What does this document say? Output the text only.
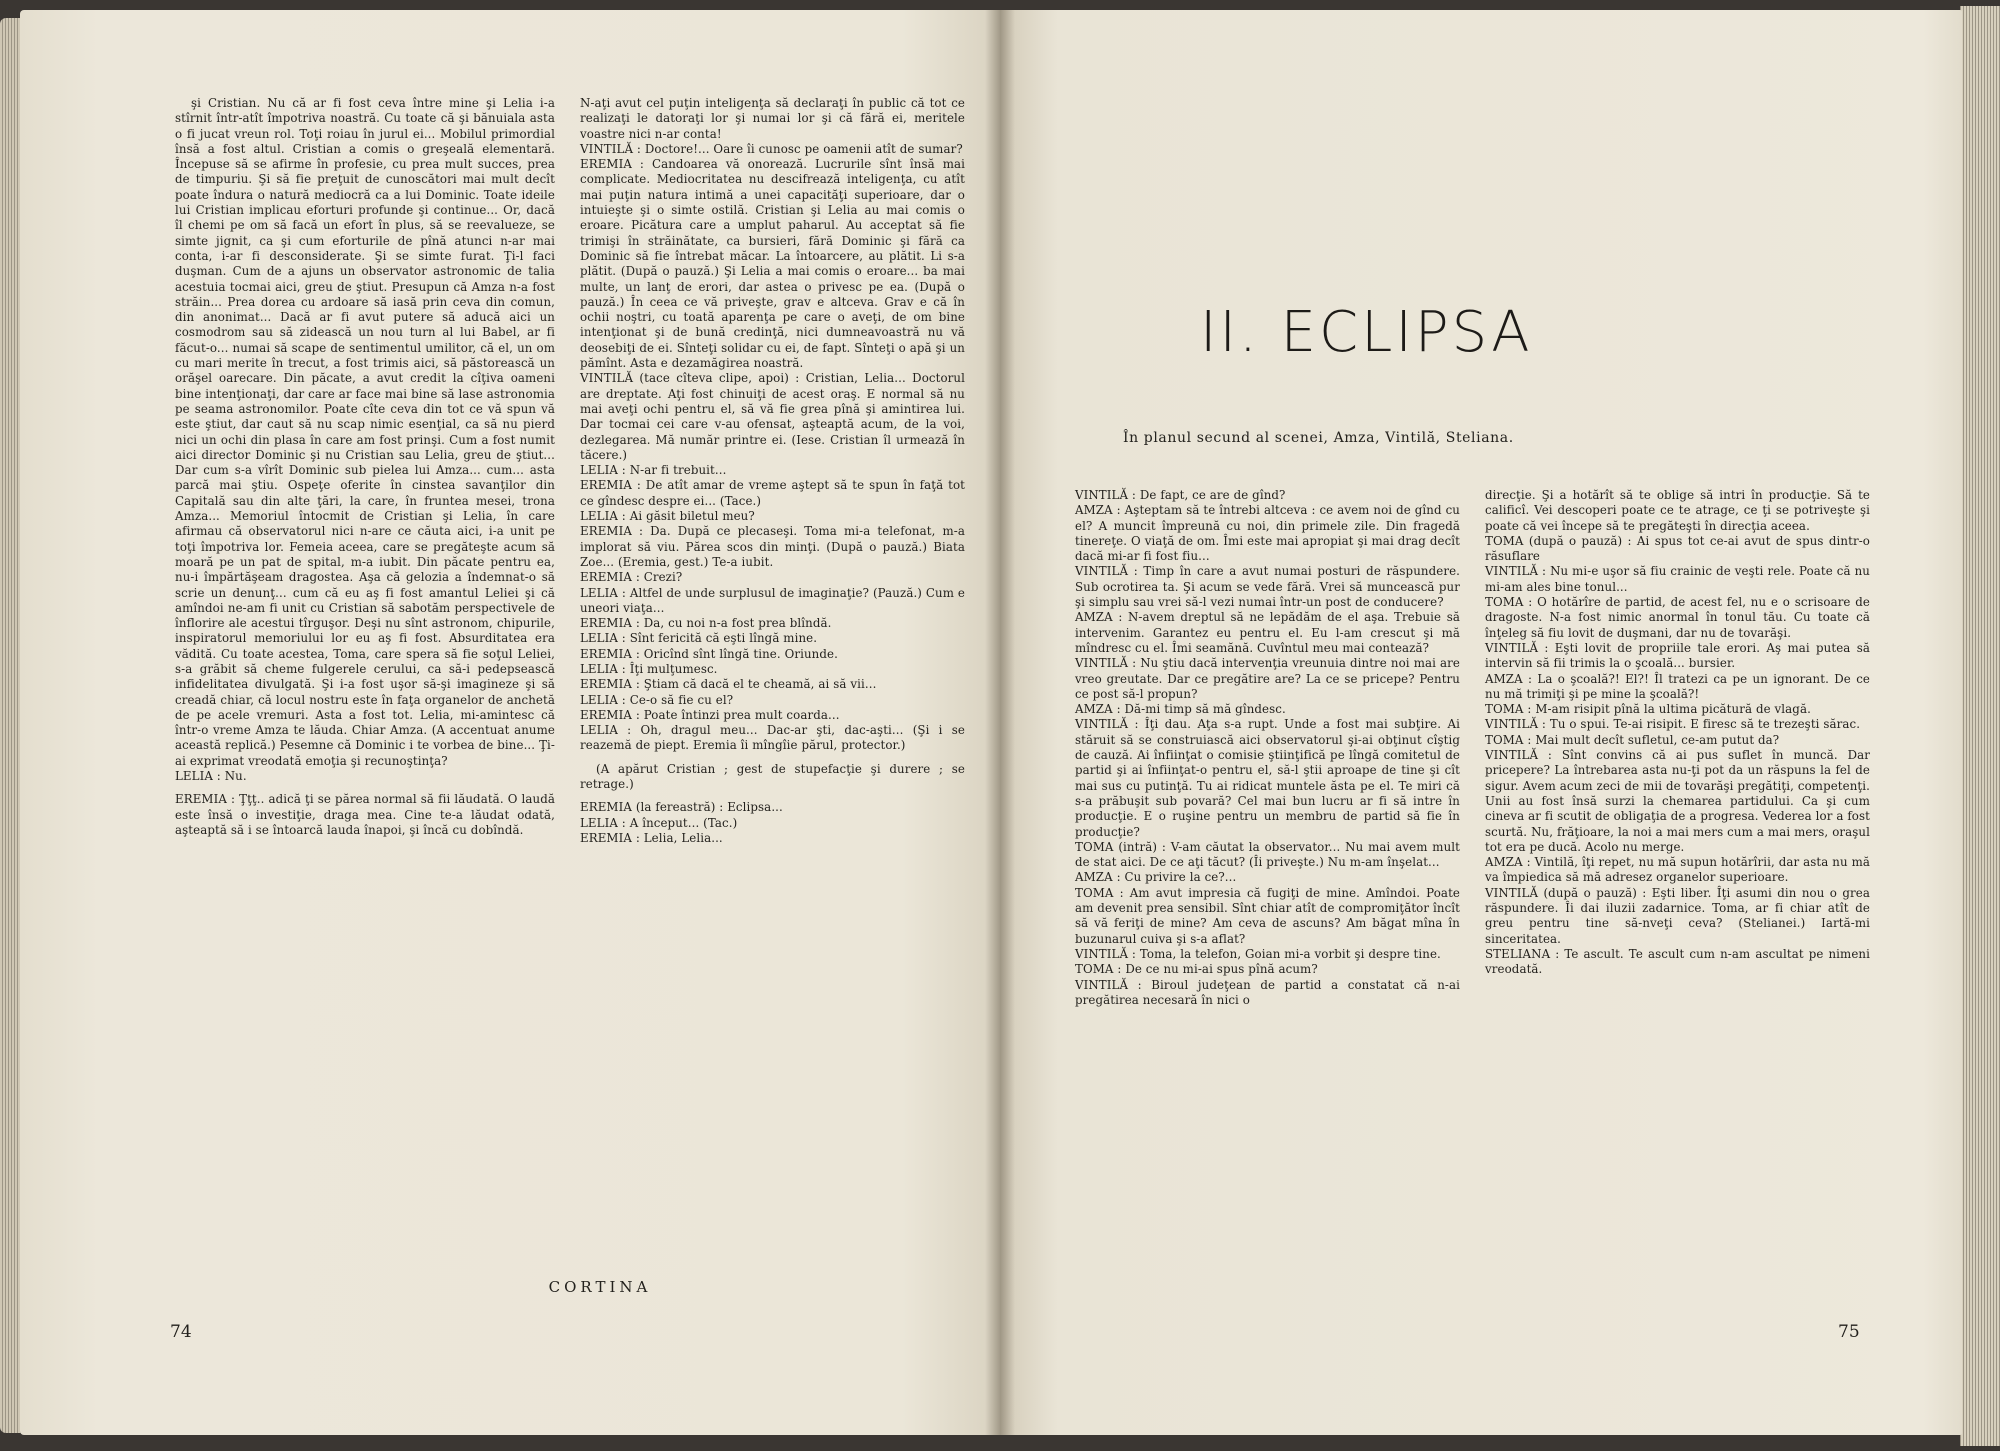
şi Cristian. Nu că ar fi fost ceva între mine şi Lelia i-a stîrnit într-atît împotriva noastră. Cu toate că şi bănuiala asta o fi jucat vreun rol. Toţi roiau în jurul ei... Mobilul primordial însă a fost altul. Cristian a comis o greşeală elementară. Începuse să se afirme în profesie, cu prea mult succes, prea de timpuriu. Şi să fie preţuit de cunoscători mai mult decît poate îndura o natură mediocră ca a lui Dominic. Toate ideile lui Cristian implicau eforturi profunde şi continue... Or, dacă îl chemi pe om să facă un efort în plus, să se reevalueze, se simte jignit, ca şi cum eforturile de pînă atunci n-ar mai conta, i-ar fi desconsiderate. Şi se simte furat. Ţi-l faci duşman. Cum de a ajuns un observator astronomic de talia acestuia tocmai aici, greu de ştiut. Presupun că Amza n-a fost străin... Prea dorea cu ardoare să iasă prin ceva din comun, din anonimat... Dacă ar fi avut putere să aducă aici un cosmodrom sau să zidească un nou turn al lui Babel, ar fi făcut-o... numai să scape de sentimentul umilitor, că el, un om cu mari merite în trecut, a fost trimis aici, să păstorească un orăşel oarecare. Din păcate, a avut credit la cîţiva oameni bine intenţionaţi, dar care ar face mai bine să lase astronomia pe seama astronomilor. Poate cîte ceva din tot ce vă spun vă este ştiut, dar caut să nu scap nimic esenţial, ca să nu pierd nici un ochi din plasa în care am fost prinşi. Cum a fost numit aici director Dominic şi nu Cristian sau Lelia, greu de ştiut... Dar cum s-a vîrît Dominic sub pielea lui Amza... cum... asta parcă mai ştiu. Ospeţe oferite în cinstea savanţilor din Capitală sau din alte ţări, la care, în fruntea mesei, trona Amza... Memoriul întocmit de Cristian şi Lelia, în care afirmau că observatorul nici n-are ce căuta aici, i-a unit pe toţi împotriva lor. Femeia aceea, care se pregăteşte acum să moară pe un pat de spital, m-a iubit. Din păcate pentru ea, nu-i împărtăşeam dragostea. Aşa că gelozia a îndemnat-o să scrie un denunţ... cum că eu aş fi fost amantul Leliei şi că amîndoi ne-am fi unit cu Cristian să sabotăm perspectivele de înflorire ale acestui tîrguşor. Deşi nu sînt astronom, chipurile, inspiratorul memoriului lor eu aş fi fost. Absurditatea era vădită. Cu toate acestea, Toma, care spera să fie soţul Leliei, s-a grăbit să cheme fulgerele cerului, ca să-i pedepsească infidelitatea divulgată. Şi i-a fost uşor să-şi imagineze şi să creadă chiar, că locul nostru este în faţa organelor de anchetă de pe acele vremuri. Asta a fost tot. Lelia, mi-amintesc că într-o vreme Amza te lăuda. Chiar Amza. (A accentuat anume această replică.) Pesemne că Dominic i te vorbea de bine... Ţi-ai exprimat vreodată emoţia şi recunoştinţa?

LELIA : Nu.

EREMIA : Ţţţ.. adică ţi se părea normal să fii lăudată. O laudă este însă o investiţie, draga mea. Cine te-a lăudat odată, aşteaptă să i se întoarcă lauda înapoi, şi încă cu dobîndă.

N-aţi avut cel puţin inteligenţa să declaraţi în public că tot ce realizaţi le datoraţi lor şi numai lor şi că fără ei, meritele voastre nici n-ar conta!

VINTILĂ : Doctore!... Oare îi cunosc pe oamenii atît de sumar?

EREMIA : Candoarea vă onorează. Lucrurile sînt însă mai complicate. Mediocritatea nu descifrează inteligenţa, cu atît mai puţin natura intimă a unei capacităţi superioare, dar o intuieşte şi o simte ostilă. Cristian şi Lelia au mai comis o eroare. Picătura care a umplut paharul. Au acceptat să fie trimişi în străinătate, ca bursieri, fără Dominic şi fără ca Dominic să fie întrebat măcar. La întoarcere, au plătit. Li s-a plătit. (După o pauză.) Şi Lelia a mai comis o eroare... ba mai multe, un lanţ de erori, dar astea o privesc pe ea. (După o pauză.) În ceea ce vă priveşte, grav e altceva. Grav e că în ochii noştri, cu toată aparenţa pe care o aveţi, de om bine intenţionat şi de bună credinţă, nici dumneavoastră nu vă deosebiţi de ei. Sînteţi solidar cu ei, de fapt. Sînteţi o apă şi un pămînt. Asta e dezamăgirea noastră.

VINTILĂ (tace cîteva clipe, apoi) : Cristian, Lelia... Doctorul are dreptate. Aţi fost chinuiţi de acest oraş. E normal să nu mai aveţi ochi pentru el, să vă fie grea pînă şi amintirea lui. Dar tocmai cei care v-au ofensat, aşteaptă acum, de la voi, dezlegarea. Mă număr printre ei. (Iese. Cristian îl urmează în tăcere.)

LELIA : N-ar fi trebuit...

EREMIA : De atît amar de vreme aştept să te spun în faţă tot ce gîndesc despre ei... (Tace.)

LELIA : Ai găsit biletul meu?

EREMIA : Da. După ce plecaseşi. Toma mi-a telefonat, m-a implorat să viu. Părea scos din minţi. (După o pauză.) Biata Zoe... (Eremia, gest.) Te-a iubit.

EREMIA : Crezi?

LELIA : Altfel de unde surplusul de imaginaţie? (Pauză.) Cum e uneori viaţa...

EREMIA : Da, cu noi n-a fost prea blîndă.

LELIA : Sînt fericită că eşti lîngă mine.

EREMIA : Oricînd sînt lîngă tine. Oriunde.

LELIA : Îţi mulţumesc.

EREMIA : Ştiam că dacă el te cheamă, ai să vii...

LELIA : Ce-o să fie cu el?

EREMIA : Poate întinzi prea mult coarda...

LELIA : Oh, dragul meu... Dac-ar şti, dac-aşti... (Şi i se reazemă de piept. Eremia îi mîngîie părul, protector.)

(A apărut Cristian ; gest de stupefacţie şi durere ; se retrage.)

EREMIA (la fereastră) : Eclipsa...

LELIA : A început... (Tac.)

EREMIA : Lelia, Lelia...

CORTINA
74
II. ECLIPSA
În planul secund al scenei, Amza, Vintilă, Steliana.

VINTILĂ : De fapt, ce are de gînd?

AMZA : Aşteptam să te întrebi altceva : ce avem noi de gînd cu el? A muncit împreună cu noi, din primele zile. Din fragedă tinereţe. O viaţă de om. Îmi este mai apropiat şi mai drag decît dacă mi-ar fi fost fiu...

VINTILĂ : Timp în care a avut numai posturi de răspundere. Sub ocrotirea ta. Şi acum se vede fără. Vrei să muncească pur şi simplu sau vrei să-l vezi numai într-un post de conducere?

AMZA : N-avem dreptul să ne lepădăm de el aşa. Trebuie să intervenim. Garantez eu pentru el. Eu l-am crescut şi mă mîndresc cu el. Îmi seamănă. Cuvîntul meu mai contează?

VINTILĂ : Nu ştiu dacă intervenţia vreunuia dintre noi mai are vreo greutate. Dar ce pregătire are? La ce se pricepe? Pentru ce post să-l propun?

AMZA : Dă-mi timp să mă gîndesc.

VINTILĂ : Îţi dau. Aţa s-a rupt. Unde a fost mai subţire. Ai stăruit să se construiască aici observatorul şi-ai obţinut cîştig de cauză. Ai înfiinţat o comisie ştiinţifică pe lîngă comitetul de partid şi ai înfiinţat-o pentru el, să-l ştii aproape de tine şi cît mai sus cu putinţă. Tu ai ridicat muntele ăsta pe el. Te miri că s-a prăbuşit sub povară? Cel mai bun lucru ar fi să intre în producţie. E o ruşine pentru un membru de partid să fie în producţie?

TOMA (intră) : V-am căutat la observator... Nu mai avem mult de stat aici. De ce aţi tăcut? (Îi priveşte.) Nu m-am înşelat...

AMZA : Cu privire la ce?...

TOMA : Am avut impresia că fugiţi de mine. Amîndoi. Poate am devenit prea sensibil. Sînt chiar atît de compromiţător încît să vă feriţi de mine? Am ceva de ascuns? Am băgat mîna în buzunarul cuiva şi s-a aflat?

VINTILĂ : Toma, la telefon, Goian mi-a vorbit şi despre tine.

TOMA : De ce nu mi-ai spus pînă acum?

VINTILĂ : Biroul judeţean de partid a constatat că n-ai pregătirea necesară în nici o

direcţie. Şi a hotărît să te oblige să intri în producţie. Să te calificî. Vei descoperi poate ce te atrage, ce ţi se potriveşte şi poate că vei începe să te pregăteşti în direcţia aceea.

TOMA (după o pauză) : Ai spus tot ce-ai avut de spus dintr-o răsuflare

VINTILĂ : Nu mi-e uşor să fiu crainic de veşti rele. Poate că nu mi-am ales bine tonul...

TOMA : O hotărîre de partid, de acest fel, nu e o scrisoare de dragoste. N-a fost nimic anormal în tonul tău. Cu toate că înţeleg să fiu lovit de duşmani, dar nu de tovarăşi.

VINTILĂ : Eşti lovit de propriile tale erori. Aş mai putea să intervin să fii trimis la o şcoală... bursier.

AMZA : La o şcoală?! El?! Îl tratezi ca pe un ignorant. De ce nu mă trimiţi şi pe mine la şcoală?!

TOMA : M-am risipit pînă la ultima picătură de vlagă.

VINTILĂ : Tu o spui. Te-ai risipit. E firesc să te trezeşti sărac.

TOMA : Mai mult decît sufletul, ce-am putut da?

VINTILĂ : Sînt convins că ai pus suflet în muncă. Dar pricepere? La întrebarea asta nu-ţi pot da un răspuns la fel de sigur. Avem acum zeci de mii de tovarăşi pregătiţi, competenţi. Unii au fost însă surzi la chemarea partidului. Ca şi cum cineva ar fi scutit de obligaţia de a progresa. Vederea lor a fost scurtă. Nu, frăţioare, la noi a mai mers cum a mai mers, oraşul tot era pe ducă. Acolo nu merge.

AMZA : Vintilă, îţi repet, nu mă supun hotărîrii, dar asta nu mă va împiedica să mă adresez organelor superioare.

VINTILĂ (după o pauză) : Eşti liber. Îţi asumi din nou o grea răspundere. Îi dai iluzii zadarnice. Toma, ar fi chiar atît de greu pentru tine să-nveţi ceva? (Stelianei.) Iartă-mi sinceritatea.

STELIANA : Te ascult. Te ascult cum n-am ascultat pe nimeni vreodată.

75
